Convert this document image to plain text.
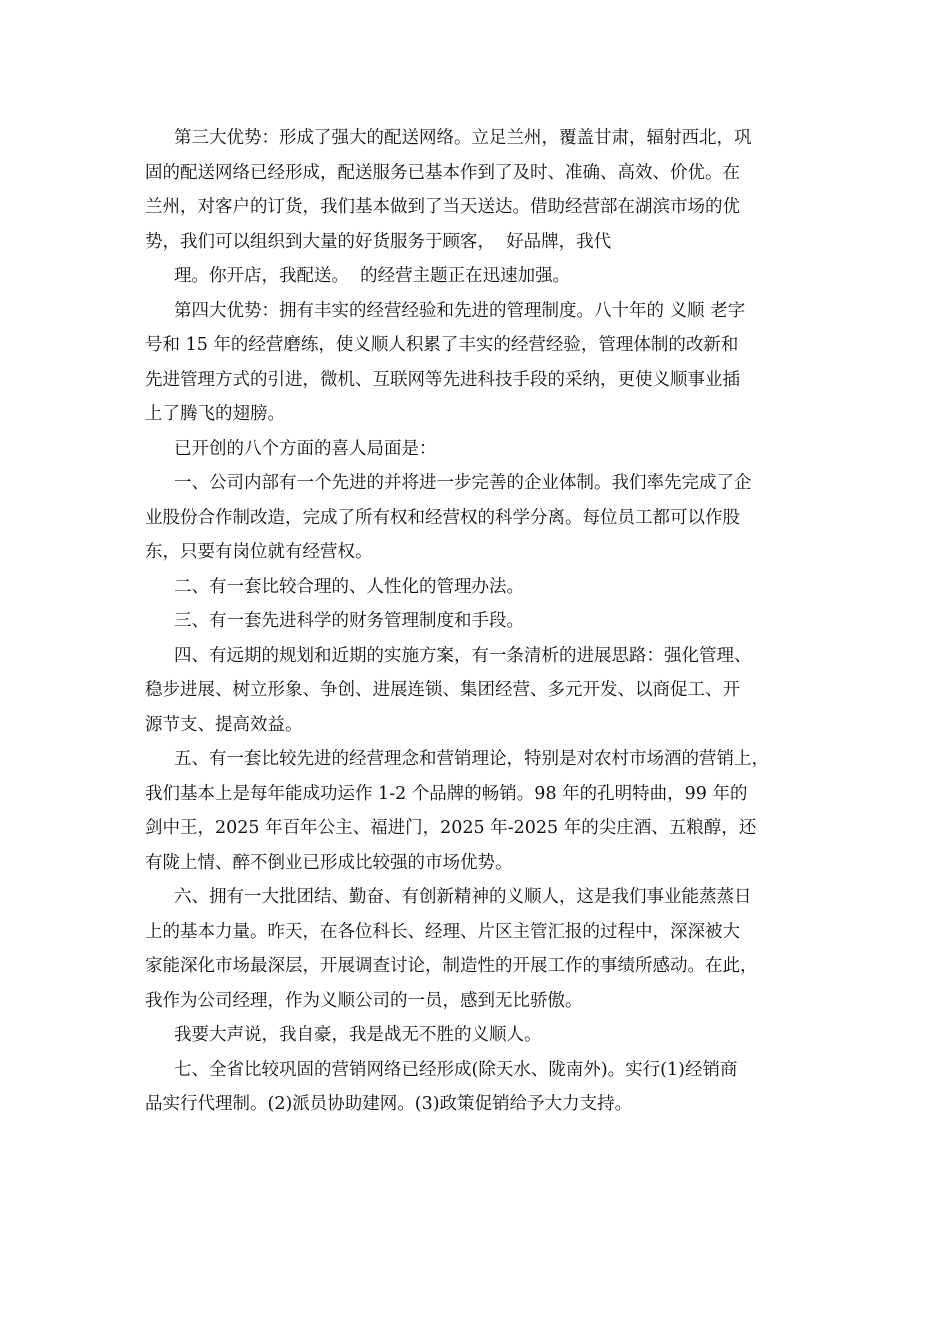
第三大优势：形成了强大的配送网络。立足兰州，覆盖甘肃，辐射西北，巩
固的配送网络已经形成，配送服务已基本作到了及时、准确、高效、价优。在
兰州，对客户的订货，我们基本做到了当天送达。借助经营部在湖滨市场的优
势，我们可以组织到大量的好货服务于顾客，  好品牌，我代
理。你开店，我配送。  的经营主题正在迅速加强。
第四大优势：拥有丰实的经营经验和先进的管理制度。八十年的 义顺 老字
号和 15 年的经营磨练，使义顺人积累了丰实的经营经验，管理体制的改新和
先进管理方式的引进，微机、互联网等先进科技手段的采纳，更使义顺事业插
上了腾飞的翅膀。
已开创的八个方面的喜人局面是：
一、公司内部有一个先进的并将进一步完善的企业体制。我们率先完成了企
业股份合作制改造，完成了所有权和经营权的科学分离。每位员工都可以作股
东，只要有岗位就有经营权。
二、有一套比较合理的、人性化的管理办法。
三、有一套先进科学的财务管理制度和手段。
四、有远期的规划和近期的实施方案，有一条清析的进展思路：强化管理、
稳步进展、树立形象、争创、进展连锁、集团经营、多元开发、以商促工、开
源节支、提高效益。
五、有一套比较先进的经营理念和营销理论，特别是对农村市场酒的营销上，
我们基本上是每年能成功运作 1-2 个品牌的畅销。98 年的孔明特曲，99 年的
剑中王，2025 年百年公主、福进门，2025 年-2025 年的尖庄酒、五粮醇，还
有陇上情、醉不倒业已形成比较强的市场优势。
六、拥有一大批团结、勤奋、有创新精神的义顺人，这是我们事业能蒸蒸日
上的基本力量。昨天，在各位科长、经理、片区主管汇报的过程中，深深被大
家能深化市场最深层，开展调查讨论，制造性的开展工作的事绩所感动。在此，
我作为公司经理，作为义顺公司的一员，感到无比骄傲。
我要大声说，我自豪，我是战无不胜的义顺人。
七、全省比较巩固的营销网络已经形成(除天水、陇南外)。实行(1)经销商
品实行代理制。(2)派员协助建网。(3)政策促销给予大力支持。
